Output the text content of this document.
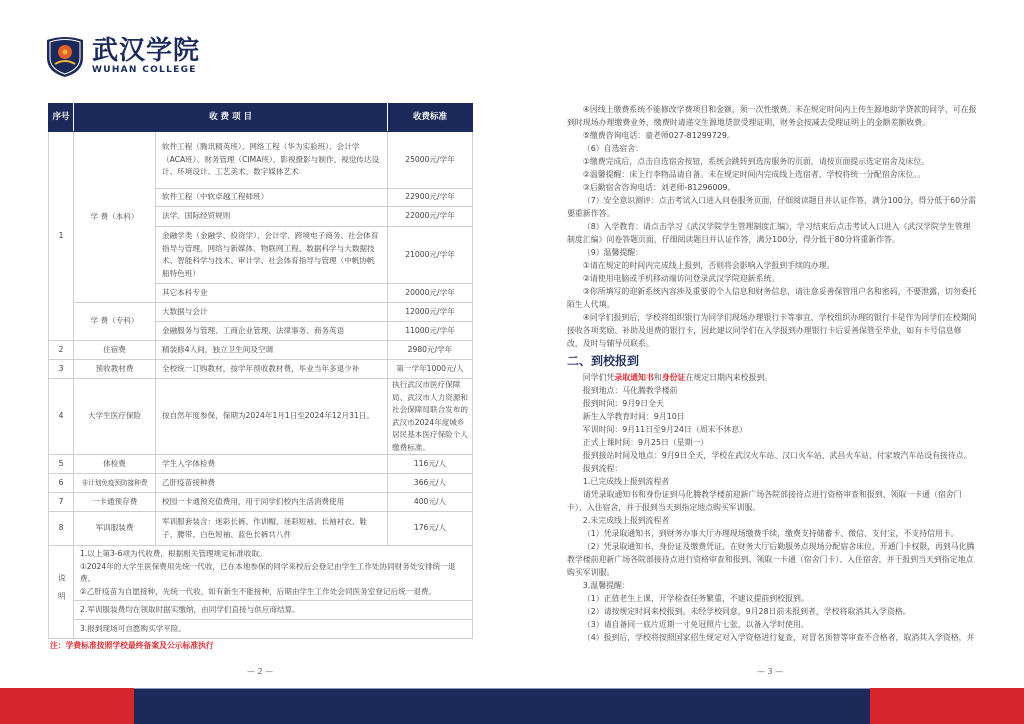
武汉学院
WUHAN COLLEGE
序号	收 费 项 目		收费标准
1	学 费（本科）	软件工程（腾讯精英班）、网络工程（华为实验班）、会计学（ACA班）、财务管理（CIMA班）、影视摄影与制作、视觉传达设计、环境设计、工艺美术、数字媒体艺术	25000元/学年
		软件工程（中软卓越工程师班）	22900元/学年
		法学、国际经贸规则	22000元/学年
		金融学类（金融学、投资学）、会计学、跨境电子商务、社会体育指导与管理、网络与新媒体、物联网工程、数据科学与大数据技术、智能科学与技术、审计学、社会体育指导与管理（中帆协帆船特色班）	21000元/学年
		其它本科专业	20000元/学年
	学 费（专科）	大数据与会计	12000元/学年
		金融服务与管理、工商企业管理、法律事务、商务英语	11000元/学年
2	住宿费	精装修4人间，独立卫生间及空调	2980元/学年
3	预收教材费	全校统一订购教材，按学年预收教材费，毕业当年多退少补	第一学年1000元/人
4	大学生医疗保险	按自然年度参保，保期为2024年1月1日至2024年12月31日。	执行武汉市医疗保障局、武汉市人力资源和社会保障局联合发布的武汉市2024年度城乡居民基本医疗保险个人缴费标准。
5	体检费	学生入学体检费	116元/人
6	非计划免疫预防接种费	乙肝疫苗接种费	366元/人
7	一卡通预存费	校园一卡通预充值费用，用于同学们校内生活消费使用	400元/人
8	军训服装费	军训服套装含：迷彩长裤、作训帽、迷彩短袖、长袖衬衣、鞋子、腰带、白色短袖、蓝色长裤共八件	176元/人
说明	1.以上第3-6项为代收费，根据相关管理规定标准收取。
①2024年的大学生医保费用先统一代收，已在本地参保的同学来校后会登记由学生工作处协同财务处安排统一退费。
②乙肝疫苗为自愿接种，先统一代收，如有新生不能接种，后期由学生工作处会同医务室登记后统一退费。		

	2.军训服装费均在领取时据实缴纳，由同学们直接与供应商结算。		
	3.报到现场可自愿购买学平险。		
注：学费标准按照学校最终备案及公示标准执行
— 2 —	— 3 —

④因线上缴费系统不能修改学费项目和金额，须一次性缴费。未在规定时间内上传生源地助学贷款的同学，可在报到时现场办理缴费业务，缴费时请递交生源地贷款受理证明，财务会按减去受理证明上的金额差额收费。

⑤缴费咨询电话：童老师027-81299729。

（6）自选宿舍：

①缴费完成后，点击自选宿舍按钮，系统会跳转到选房服务的页面，请按页面提示选定宿舍及床位。

②温馨提醒：床上行李物品请自备。未在规定时间内完成线上选宿者，学校将统一分配宿舍床位。。

③后勤宿舍咨询电话：刘老师-81296009。

（7）安全意识测评：点击考试入口进入问卷服务页面，仔细阅读题目并认证作答，满分100分，得分低于60分需要重新作答。

（8）入学教育：请点击学习《武汉学院学生管理制度汇编》，学习结束后点击考试入口进入《武汉学院学生管理制度汇编》问卷答题页面，仔细阅读题目并认证作答，满分100分，得分低于80分将重新作答。

（9）温馨提醒：

①请在规定的时间内完成线上报到，否则将会影响入学报到手续的办理。

②请使用电脑或手机移动端访问登录武汉学院迎新系统。

③你所填写的迎新系统内容涉及重要的个人信息和财务信息，请注意妥善保管用户名和密码，不要泄露，切勿委托陌生人代填。

④同学们报到后，学校将组织银行为同学们现场办理银行卡等事宜，学校组织办理的银行卡是作为同学们在校期间接收各项奖励、补助及退费的银行卡，因此建议同学们在入学报到办理银行卡后妥善保管至毕业，如有卡号信息修改，及时与辅导员联系。

二、到校报到

同学们凭录取通知书和身份证在规定日期内来校报到。

报到地点：马化腾教学楼前

报到时间：9月9日全天

新生入学教育时间：9月10日

军训时间：9月11日至9月24日（周末不休息）

正式上课时间：9月25日（星期一）

报到接站时间及地点：9月9日全天，学校在武汉火车站、汉口火车站、武昌火车站、付家坡汽车站设有接待点。

报到流程：

1.已完成线上报到流程者

请凭录取通知书和身份证到马化腾教学楼前迎新广场各院部接待点进行资格审查和报到、领取一卡通（宿舍门卡）、入住宿舍，并于报到当天到指定地点购买军训服。

2.未完成线上报到流程者

（1）凭录取通知书，到财务办事大厅办理现场缴费手续，缴费支持储蓄卡、微信、支付宝，不支持信用卡。

（2）凭录取通知书、身份证及缴费凭证，在财务大厅后勤服务点现场分配宿舍床位，开通门卡权限，再到马化腾教学楼前迎新广场各院部接待点进行资格审查和报到、领取一卡通（宿舍门卡）、入住宿舍，并于报到当天到指定地点购买军训服。

3.温馨提醒：

（1）正值老生上课，开学检查任务繁重，不建议提前到校报到。

（2）请按规定时间来校报到。未经学校同意，9月28日前未报到者，学校将取消其入学资格。

（3）请自备同一底片近期一寸免冠照片七张，以备入学时使用。

（4）报到后，学校将按照国家招生规定对入学资格进行复查，对冒名顶替等审查不合格者，取消其入学资格，并
